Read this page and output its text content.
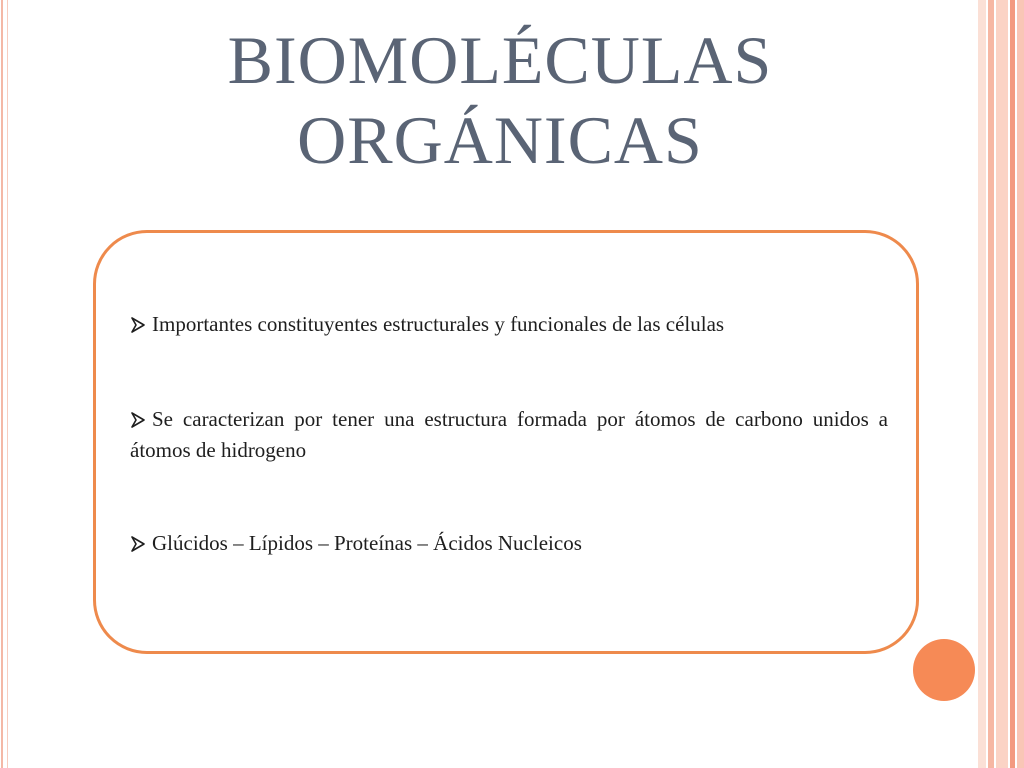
BIOMOLÉCULAS
ORGÁNICAS
Importantes constituyentes estructurales y funcionales de las células
Se caracterizan por tener una estructura formada por átomos de carbono unidos a átomos de hidrogeno
Glúcidos – Lípidos – Proteínas – Ácidos Nucleicos
